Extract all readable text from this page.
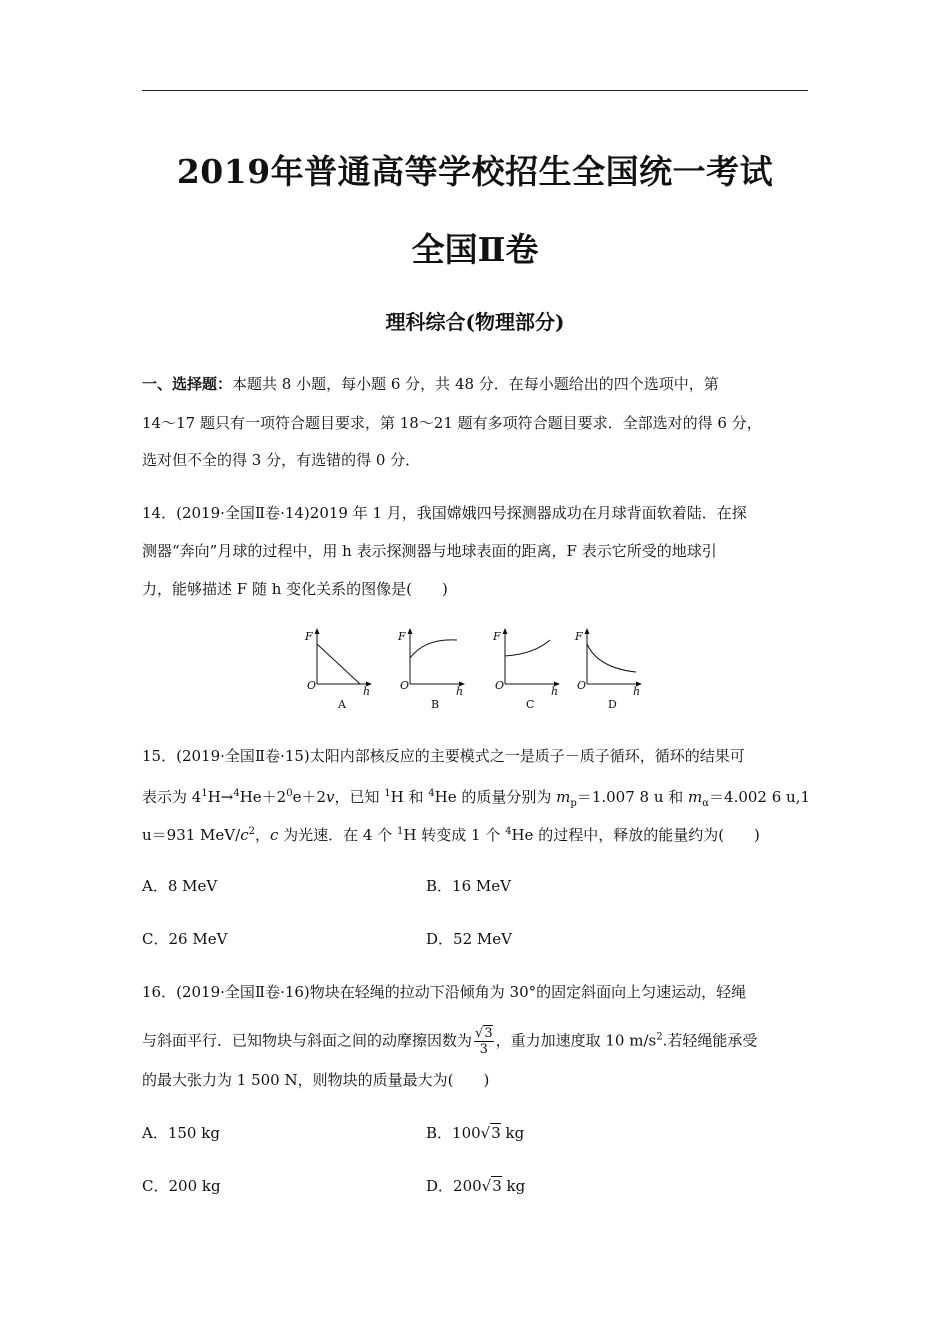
2019年普通高等学校招生全国统一考试
全国Ⅱ卷
理科综合(物理部分)
一、选择题：本题共 8 小题，每小题 6 分，共 48 分．在每小题给出的四个选项中，第
14～17 题只有一项符合题目要求，第 18～21 题有多项符合题目要求．全部选对的得 6 分，
选对但不全的得 3 分，有选错的得 0 分．
14．(2019·全国Ⅱ卷·14)2019 年 1 月，我国嫦娥四号探测器成功在月球背面软着陆．在探
测器“奔向”月球的过程中，用 h 表示探测器与地球表面的距离，F 表示它所受的地球引
力，能够描述 F 随 h 变化关系的图像是(　　)
F
O	h
A
F
O	h
B
F
O	h
C
F
O	h
D
15．(2019·全国Ⅱ卷·15)太阳内部核反应的主要模式之一是质子－质子循环，循环的结果可
表示为 $4^1H\to^4He+2^0e+2v$，已知 $^1$H 和 $^4$He 的质量分别为 $m_p=1.007$ 8 u 和 $m_\alpha=4.002$ 6 u,1
u＝931 MeV/$c^2$，c 为光速．在 4 个 $^1$H 转变成 1 个 $^4$He 的过程中，释放的能量约为(　　)
A．8 MeV	B．16 MeV
C．26 MeV	D．52 MeV
16．(2019·全国Ⅱ卷·16)物块在轻绳的拉动下沿倾角为 30°的固定斜面向上匀速运动，轻绳
与斜面平行．已知物块与斜面之间的动摩擦因数为 $\frac{√3}{3}$ ，重力加速度取 10 $m/s^2$.若轻绳能承受
的最大张力为 1 500 N，则物块的质量最大为(　　)
A．150 kg	B．100√3 kg
C．200 kg	D．200√3 kg
